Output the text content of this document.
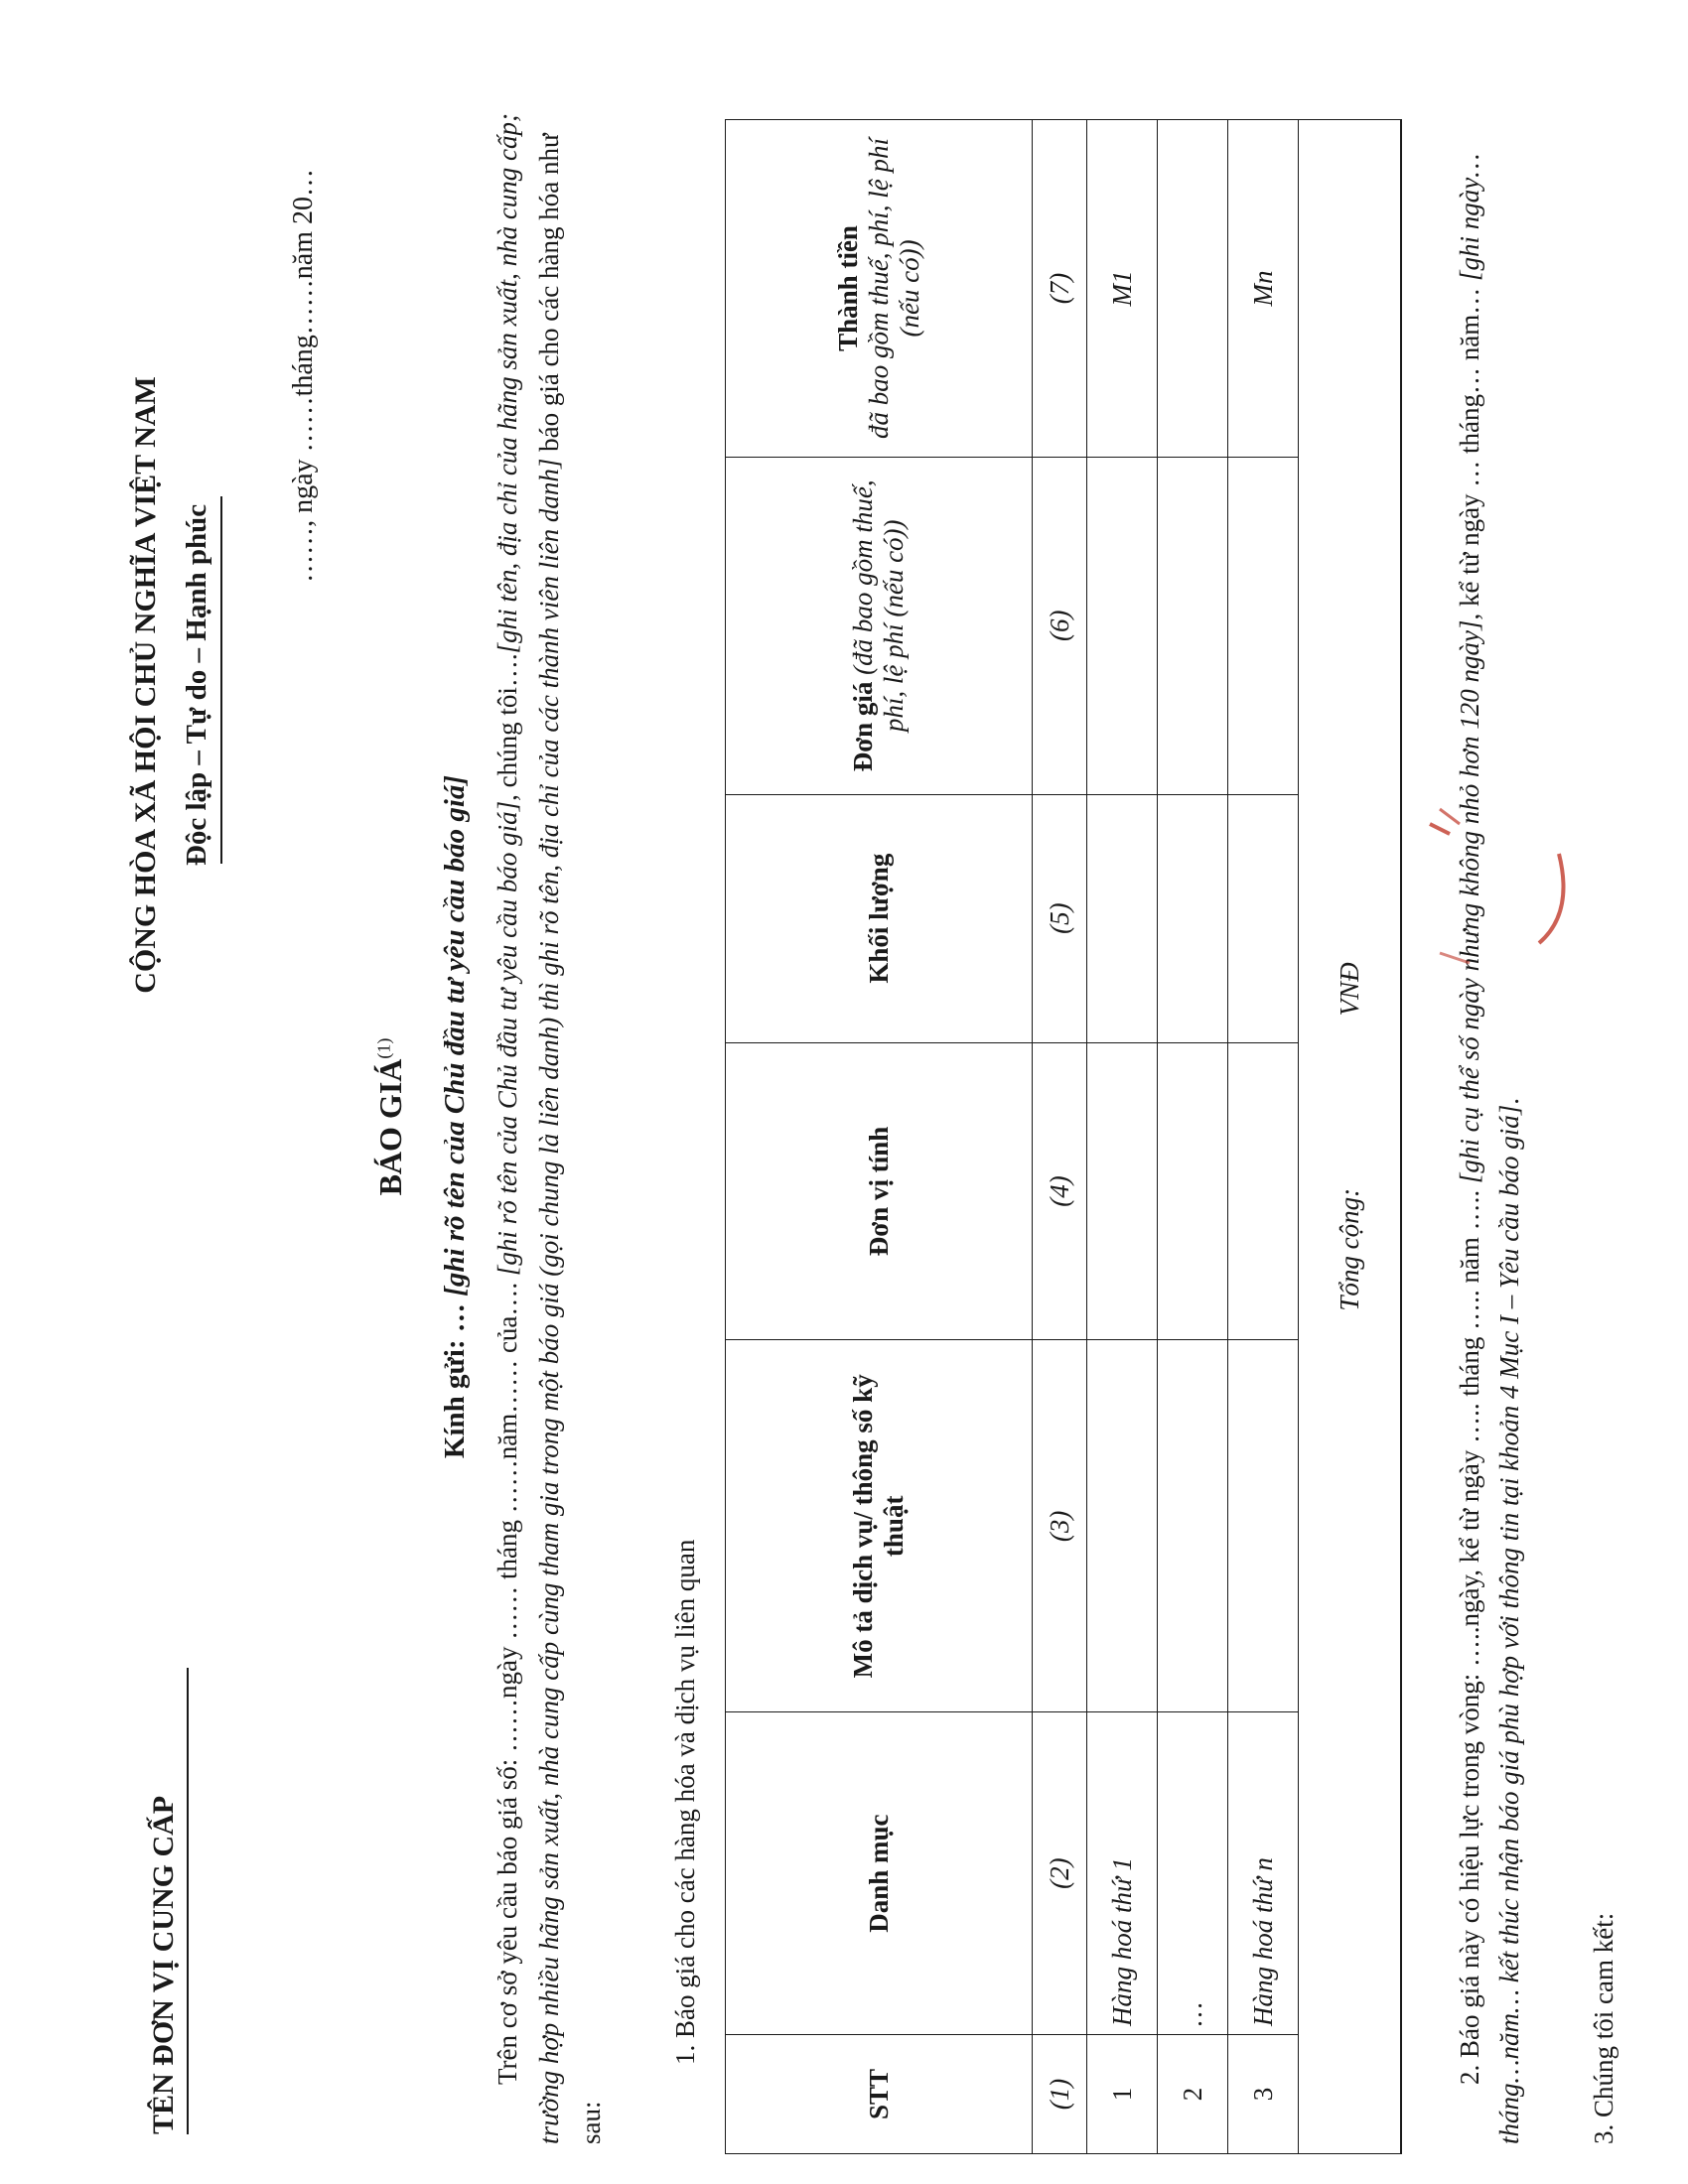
TÊN ĐƠN VỊ CUNG CẤP
CỘNG HÒA XÃ HỘI CHỦ NGHĨA VIỆT NAM Độc lập – Tự do – Hạnh phúc
……, ngày ……tháng……năm 20…
BÁO GIÁ$^{(1)}$
Kính gửi: … [ghi rõ tên của Chủ đầu tư yêu cầu báo giá]
Trên cơ sở yêu cầu báo giá số: ……ngày …… tháng ……năm…… của…. [ghi rõ tên của Chủ đầu tư yêu cầu báo giá], chúng tôi….[ghi tên, địa chỉ của hãng sản xuất, nhà cung cấp; trường hợp nhiều hãng sản xuất, nhà cung cấp cùng tham gia trong một báo giá (gọi chung là liên danh) thì ghi rõ tên, địa chỉ của các thành viên liên danh] báo giá cho các hàng hóa như sau:
1. Báo giá cho các hàng hóa và dịch vụ liên quan
STT	Danh mục	Mô tả dịch vụ/ thông số kỹ thuật	Đơn vị tính	Khối lượng	Đơn giá (đã bao gồm thuế, phí, lệ phí (nếu có))	Thành tiền
đã bao gồm thuế, phí, lệ phí (nếu có))
(1)	(2)	(3)	(4)	(5)	(6)	(7)
1	Hàng hoá thứ 1					M1
2	…					
3	Hàng hoá thứ n					Mn
Tổng cộng:  VNĐ						
2. Báo giá này có hiệu lực trong vòng: …..ngày, kể từ ngày ….. tháng ….. năm ….. [ghi cụ thể số ngày nhưng không nhỏ hơn 120 ngày], kể từ ngày … tháng… năm… [ghi ngày…tháng…năm… kết thúc nhận báo giá phù hợp với thông tin tại khoản 4 Mục I – Yêu cầu báo giá].
3. Chúng tôi cam kết:
